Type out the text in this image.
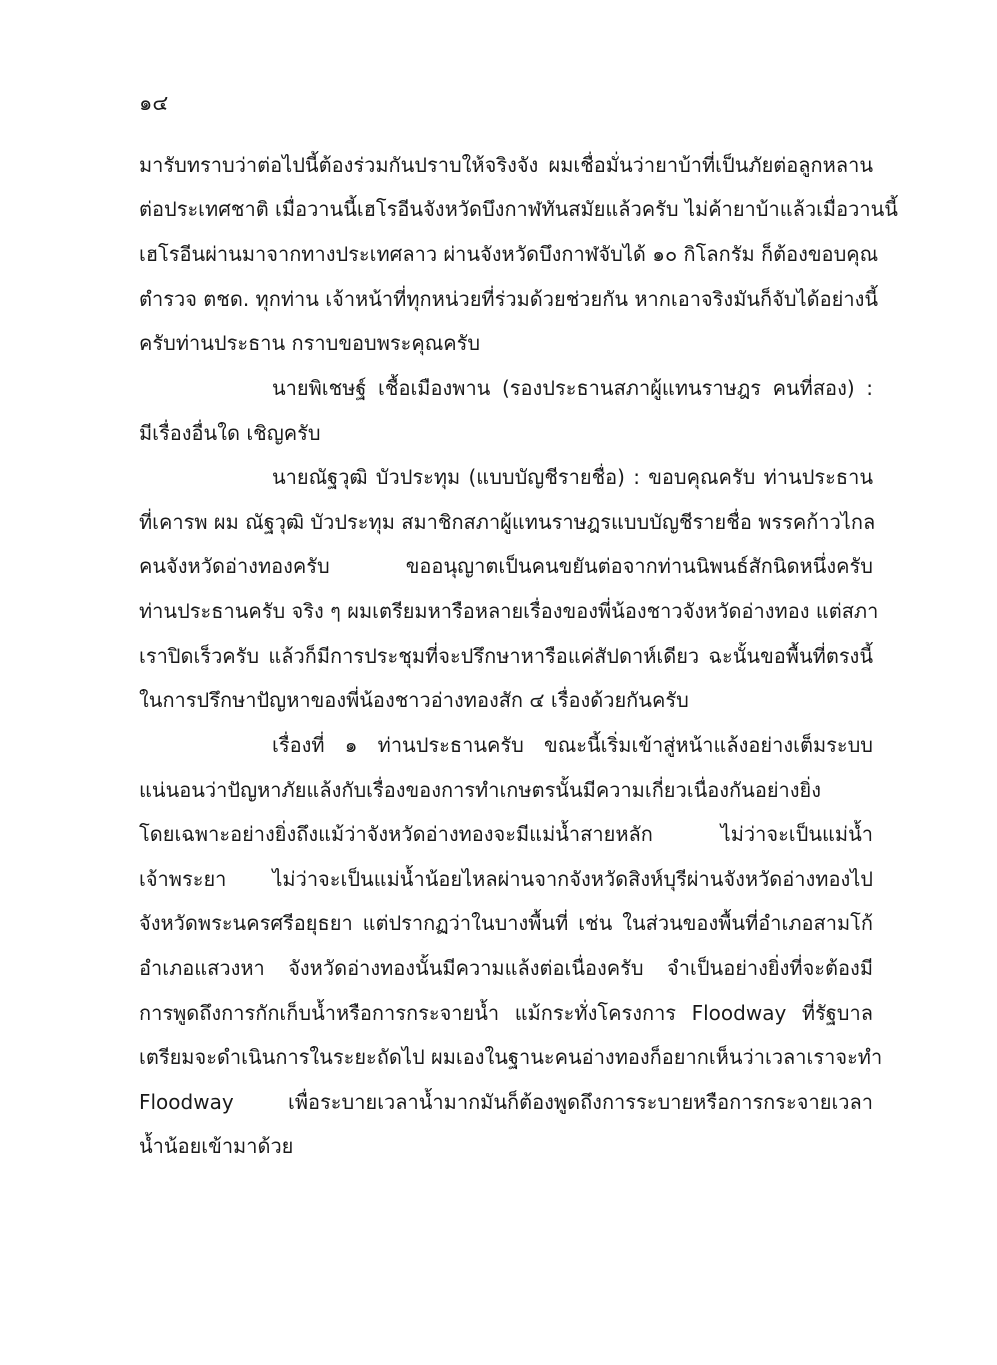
๑๔
มารับทราบว่าต่อไปนี้ต้องร่วมกันปราบให้จริงจัง ผมเชื่อมั่นว่ายาบ้าที่เป็นภัยต่อลูกหลาน
ต่อประเทศชาติ เมื่อวานนี้เฮโรอีนจังหวัดบึงกาฬทันสมัยแล้วครับ ไม่ค้ายาบ้าแล้วเมื่อวานนี้
เฮโรอีนผ่านมาจากทางประเทศลาว ผ่านจังหวัดบึงกาฬจับได้ ๑๐ กิโลกรัม ก็ต้องขอบคุณ
ตำรวจ ตชด. ทุกท่าน เจ้าหน้าที่ทุกหน่วยที่ร่วมด้วยช่วยกัน หากเอาจริงมันก็จับได้อย่างนี้
ครับท่านประธาน กราบขอบพระคุณครับ
นายพิเชษฐ์ เชื้อเมืองพาน (รองประธานสภาผู้แทนราษฎร คนที่สอง) :
มีเรื่องอื่นใด เชิญครับ
นายณัฐวุฒิ บัวประทุม (แบบบัญชีรายชื่อ) : ขอบคุณครับ ท่านประธาน
ที่เคารพ ผม ณัฐวุฒิ บัวประทุม สมาชิกสภาผู้แทนราษฎรแบบบัญชีรายชื่อ พรรคก้าวไกล
คนจังหวัดอ่างทองครับ ขออนุญาตเป็นคนขยันต่อจากท่านนิพนธ์สักนิดหนึ่งครับ
ท่านประธานครับ จริง ๆ ผมเตรียมหารือหลายเรื่องของพี่น้องชาวจังหวัดอ่างทอง แต่สภา
เราปิดเร็วครับ แล้วก็มีการประชุมที่จะปรึกษาหารือแค่สัปดาห์เดียว ฉะนั้นขอพื้นที่ตรงนี้
ในการปรึกษาปัญหาของพี่น้องชาวอ่างทองสัก ๔ เรื่องด้วยกันครับ
เรื่องที่ ๑ ท่านประธานครับ ขณะนี้เริ่มเข้าสู่หน้าแล้งอย่างเต็มระบบ
แน่นอนว่าปัญหาภัยแล้งกับเรื่องของการทำเกษตรนั้นมีความเกี่ยวเนื่องกันอย่างยิ่ง
โดยเฉพาะอย่างยิ่งถึงแม้ว่าจังหวัดอ่างทองจะมีแม่น้ำสายหลัก ไม่ว่าจะเป็นแม่น้ำ
เจ้าพระยา ไม่ว่าจะเป็นแม่น้ำน้อยไหลผ่านจากจังหวัดสิงห์บุรีผ่านจังหวัดอ่างทองไป
จังหวัดพระนครศรีอยุธยา แต่ปรากฏว่าในบางพื้นที่ เช่น ในส่วนของพื้นที่อำเภอสามโก้
อำเภอแสวงหา จังหวัดอ่างทองนั้นมีความแล้งต่อเนื่องครับ จำเป็นอย่างยิ่งที่จะต้องมี
การพูดถึงการกักเก็บน้ำหรือการกระจายน้ำ แม้กระทั่งโครงการ Floodway ที่รัฐบาล
เตรียมจะดำเนินการในระยะถัดไป ผมเองในฐานะคนอ่างทองก็อยากเห็นว่าเวลาเราจะทำ
Floodway เพื่อระบายเวลาน้ำมากมันก็ต้องพูดถึงการระบายหรือการกระจายเวลา
น้ำน้อยเข้ามาด้วย
